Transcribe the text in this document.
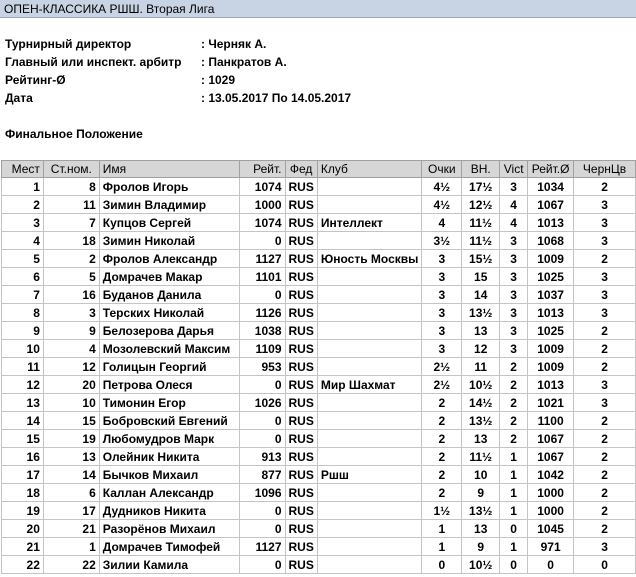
ОПЕН-КЛАССИКА РШШ. Вторая Лига
Турнирный директор	: Черняк А.
Главный или инспект. арбитр : Панкратов А.
Рейтинг-Ø	: 1029
Дата	: 13.05.2017 По 14.05.2017
Финальное Положение
Мест	Ст.ном.	Имя	Рейт.	Фед	Клуб	Очки	ВН.	Vict	Рейт.Ø	ЧернЦв
1	8	Фролов Игорь	1074	RUS		4½	17½	3	1034	2
2	11	Зимин Владимир	1000	RUS		4½	12½	4	1067	3
3	7	Купцов Сергей	1074	RUS	Интеллект	4	11½	4	1013	3
4	18	Зимин Николай	0	RUS		3½	11½	3	1068	3
5	2	Фролов Александр	1127	RUS	Юность Москвы	3	15½	3	1009	2
6	5	Домрачев Макар	1101	RUS		3	15	3	1025	3
7	16	Буданов Данила	0	RUS		3	14	3	1037	3
8	3	Терских Николай	1126	RUS		3	13½	3	1013	3
9	9	Белозерова Дарья	1038	RUS		3	13	3	1025	2
10	4	Мозолевский Максим	1109	RUS		3	12	3	1009	2
11	12	Голицын Георгий	953	RUS		2½	11	2	1009	2
12	20	Петрова Олеся	0	RUS	Мир Шахмат	2½	10½	2	1013	3
13	10	Тимонин Егор	1026	RUS		2	14½	2	1021	3
14	15	Бобровский Евгений	0	RUS		2	13½	2	1100	2
15	19	Любомудров Марк	0	RUS		2	13	2	1067	2
16	13	Олейник Никита	913	RUS		2	11½	1	1067	2
17	14	Бычков Михаил	877	RUS	Ршш	2	10	1	1042	2
18	6	Каллан Александр	1096	RUS		2	9	1	1000	2
19	17	Дудников Никита	0	RUS		1½	13½	1	1000	2
20	21	Разорёнов Михаил	0	RUS		1	13	0	1045	2
21	1	Домрачев Тимофей	1127	RUS		1	9	1	971	3
22	22	Зилии Камила	0	RUS		0	10½	0	0	0
